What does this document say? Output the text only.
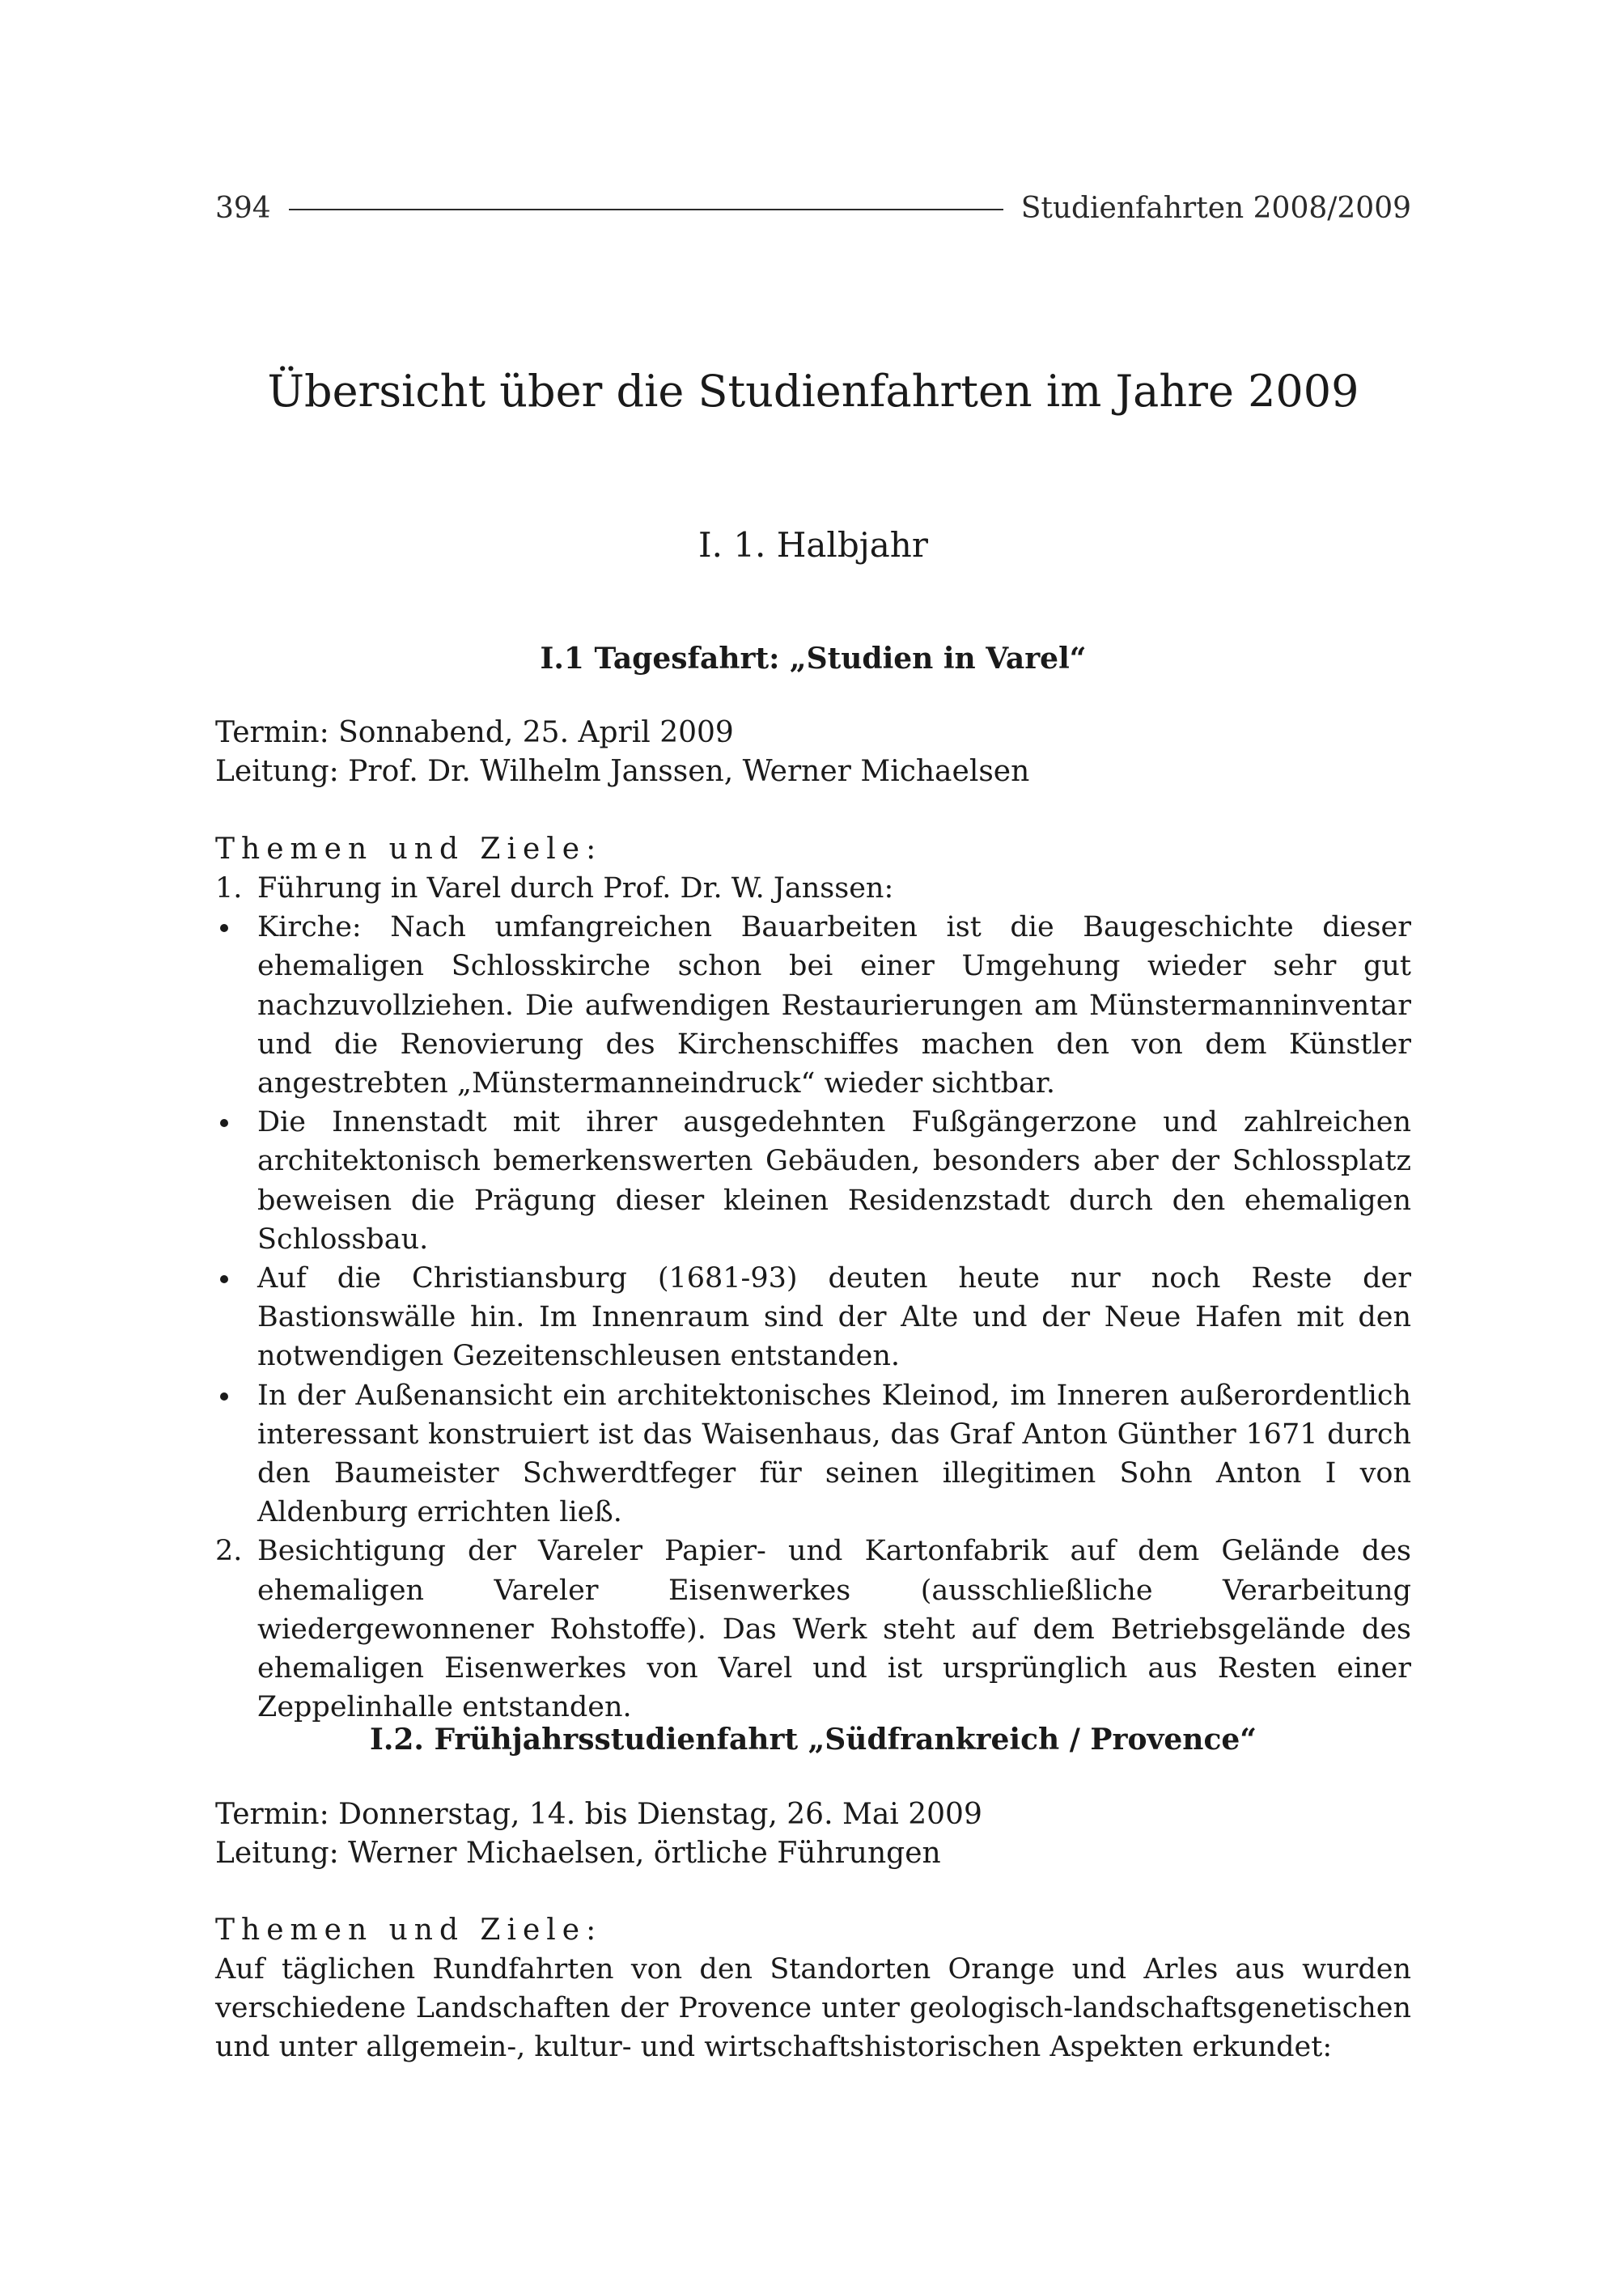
394	Studienfahrten 2008/2009
Übersicht über die Studienfahrten im Jahre 2009
I. 1. Halbjahr
I.1 Tagesfahrt: „Studien in Varel“
Termin: Sonnabend, 25. April 2009
Leitung: Prof. Dr. Wilhelm Janssen, Werner Michaelsen
Themen und Ziele:
1. Führung in Varel durch Prof. Dr. W. Janssen:
Kirche: Nach umfangreichen Bauarbeiten ist die Baugeschichte dieser ehemaligen Schlosskirche schon bei einer Umgehung wieder sehr gut nachzuvollziehen. Die aufwendigen Restaurierungen am Münstermanninventar und die Renovierung des Kirchenschiffes machen den von dem Künstler angestrebten „Münstermanneindruck“ wieder sichtbar.
Die Innenstadt mit ihrer ausgedehnten Fußgängerzone und zahlreichen architektonisch bemerkenswerten Gebäuden, besonders aber der Schlossplatz beweisen die Prägung dieser kleinen Residenzstadt durch den ehemaligen Schlossbau.
Auf die Christiansburg (1681-93) deuten heute nur noch Reste der Bastionswälle hin. Im Innenraum sind der Alte und der Neue Hafen mit den notwendigen Gezeitenschleusen entstanden.
In der Außenansicht ein architektonisches Kleinod, im Inneren außerordentlich interessant konstruiert ist das Waisenhaus, das Graf Anton Günther 1671 durch den Baumeister Schwerdtfeger für seinen illegitimen Sohn Anton I von Aldenburg errichten ließ.
2. Besichtigung der Vareler Papier- und Kartonfabrik auf dem Gelände des ehemaligen Vareler Eisenwerkes (ausschließliche Verarbeitung wiedergewonnener Rohstoffe). Das Werk steht auf dem Betriebsgelände des ehemaligen Eisenwerkes von Varel und ist ursprünglich aus Resten einer Zeppelinhalle entstanden.
I.2. Frühjahrsstudienfahrt „Südfrankreich / Provence“
Termin: Donnerstag, 14. bis Dienstag, 26. Mai 2009
Leitung: Werner Michaelsen, örtliche Führungen
Themen und Ziele:
Auf täglichen Rundfahrten von den Standorten Orange und Arles aus wurden verschiedene Landschaften der Provence unter geologisch-landschaftsgenetischen und unter allgemein-, kultur- und wirtschaftshistorischen Aspekten erkundet:
